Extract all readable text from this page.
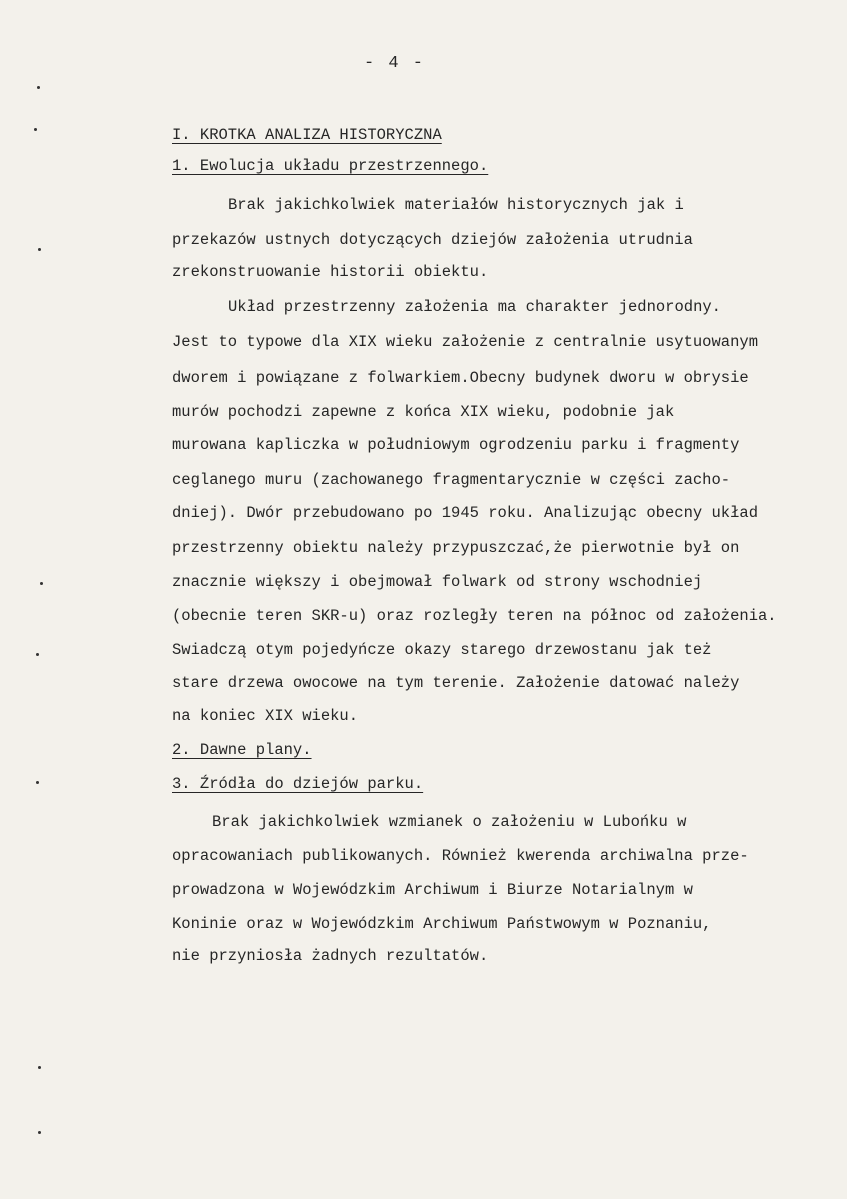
- 4 -
I. KROTKA ANALIZA HISTORYCZNA
1. Ewolucja układu przestrzennego.
Brak jakichkolwiek materiałów historycznych jak i
przekazów ustnych dotyczących dziejów założenia utrudnia
zrekonstruowanie historii obiektu.
Układ przestrzenny założenia ma charakter jednorodny.
Jest to typowe dla XIX wieku założenie z centralnie usytuowanym
dworem i powiązane z folwarkiem.Obecny budynek dworu w obrysie
murów pochodzi zapewne z końca XIX wieku, podobnie jak
murowana kapliczka w południowym ogrodzeniu parku i fragmenty
ceglanego muru (zachowanego fragmentarycznie w części zacho-
dniej). Dwór przebudowano po 1945 roku. Analizując obecny układ
przestrzenny obiektu należy przypuszczać,że pierwotnie był on
znacznie większy i obejmował folwark od strony wschodniej
(obecnie teren SKR-u) oraz rozległy teren na północ od założenia.
Swiadczą otym pojedyńcze okazy starego drzewostanu jak też
stare drzewa owocowe na tym terenie. Założenie datować należy
na koniec XIX wieku.
2. Dawne plany.
3. Źródła do dziejów parku.
Brak jakichkolwiek wzmianek o założeniu w Lubońku w
opracowaniach publikowanych. Również kwerenda archiwalna prze-
prowadzona w Wojewódzkim Archiwum i Biurze Notarialnym w
Koninie oraz w Wojewódzkim Archiwum Państwowym w Poznaniu,
nie przyniosła żadnych rezultatów.
